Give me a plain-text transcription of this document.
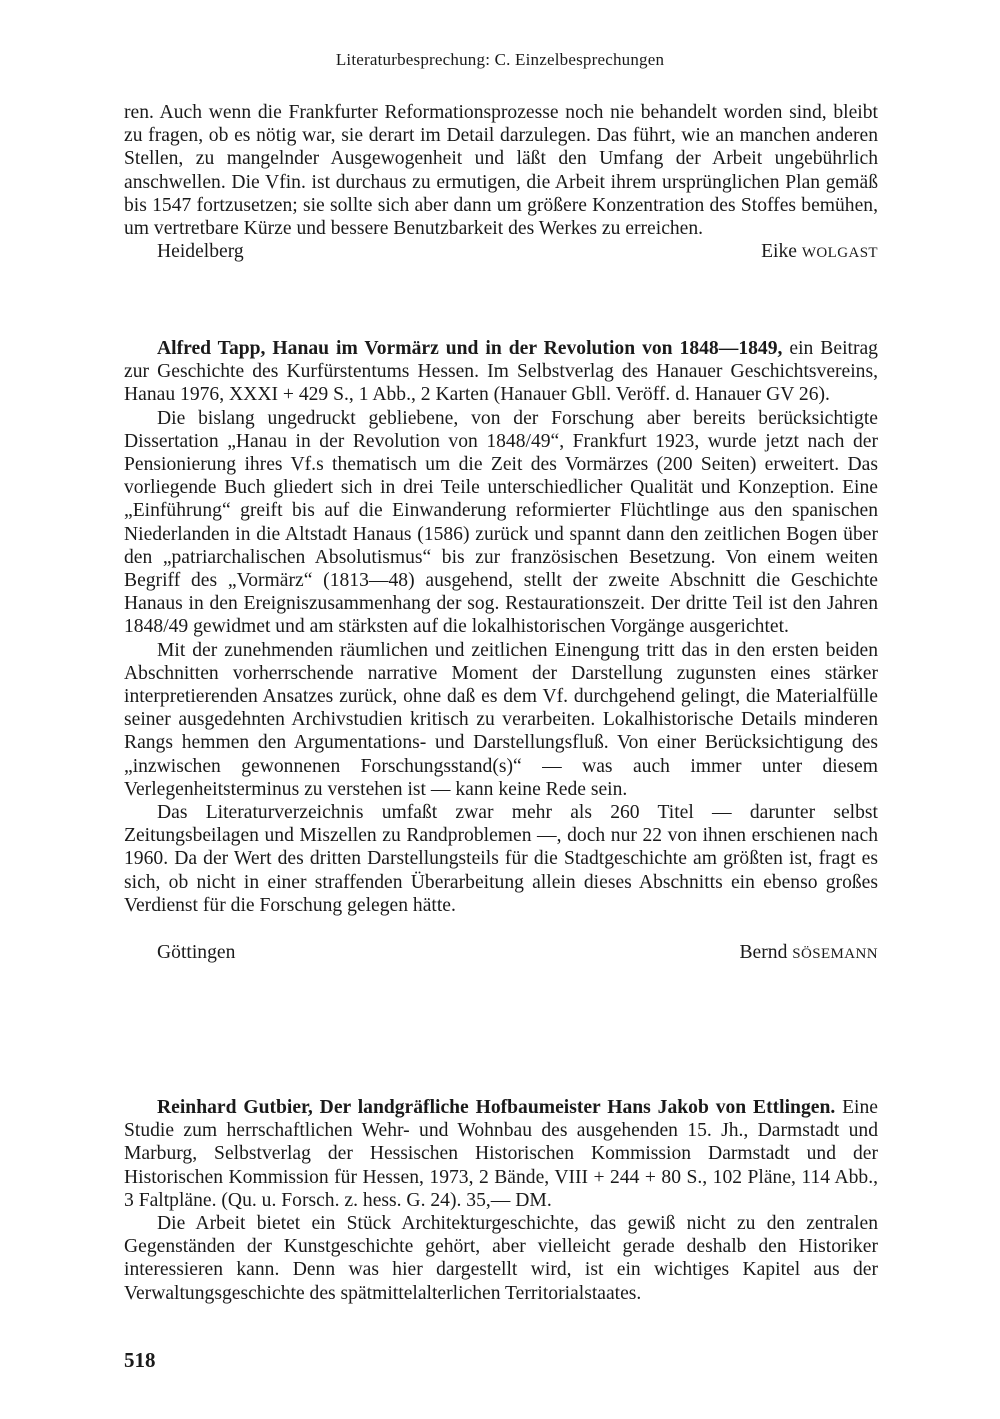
Literaturbesprechung: C. Einzelbesprechungen

ren. Auch wenn die Frankfurter Reformationsprozesse noch nie behandelt worden sind, bleibt zu fragen, ob es nötig war, sie derart im Detail darzulegen. Das führt, wie an manchen anderen Stellen, zu mangelnder Ausgewogenheit und läßt den Umfang der Arbeit ungebührlich anschwellen. Die Vfin. ist durchaus zu ermutigen, die Arbeit ihrem ursprünglichen Plan gemäß bis 1547 fortzusetzen; sie sollte sich aber dann um größere Konzentration des Stoffes bemühen, um vertretbare Kürze und bessere Benutzbarkeit des Werkes zu erreichen.

Heidelberg	Eike WOLGAST

Alfred Tapp, Hanau im Vormärz und in der Revolution von 1848—1849, ein Beitrag zur Geschichte des Kurfürstentums Hessen. Im Selbstverlag des Hanauer Geschichtsvereins, Hanau 1976, XXXI + 429 S., 1 Abb., 2 Karten (Hanauer Gbll. Veröff. d. Hanauer GV 26).

Die bislang ungedruckt gebliebene, von der Forschung aber bereits berücksichtigte Dissertation „Hanau in der Revolution von 1848/49“, Frankfurt 1923, wurde jetzt nach der Pensionierung ihres Vf.s thematisch um die Zeit des Vormärzes (200 Seiten) erweitert. Das vorliegende Buch gliedert sich in drei Teile unterschiedlicher Qualität und Konzeption. Eine „Einführung“ greift bis auf die Einwanderung reformierter Flüchtlinge aus den spanischen Niederlanden in die Altstadt Hanaus (1586) zurück und spannt dann den zeitlichen Bogen über den „patriarchalischen Absolutismus“ bis zur französischen Besetzung. Von einem weiten Begriff des „Vormärz“ (1813—48) ausgehend, stellt der zweite Abschnitt die Geschichte Hanaus in den Ereigniszusammenhang der sog. Restaurationszeit. Der dritte Teil ist den Jahren 1848/49 gewidmet und am stärksten auf die lokalhistorischen Vorgänge ausgerichtet.

Mit der zunehmenden räumlichen und zeitlichen Einengung tritt das in den ersten beiden Abschnitten vorherrschende narrative Moment der Darstellung zugunsten eines stärker interpretierenden Ansatzes zurück, ohne daß es dem Vf. durchgehend gelingt, die Materialfülle seiner ausgedehnten Archivstudien kritisch zu verarbeiten. Lokalhistorische Details minderen Rangs hemmen den Argumentations- und Darstellungsfluß. Von einer Berücksichtigung des „inzwischen gewonnenen Forschungsstand(s)“ — was auch immer unter diesem Verlegenheitsterminus zu verstehen ist — kann keine Rede sein.

Das Literaturverzeichnis umfaßt zwar mehr als 260 Titel — darunter selbst Zeitungsbeilagen und Miszellen zu Randproblemen —, doch nur 22 von ihnen erschienen nach 1960. Da der Wert des dritten Darstellungsteils für die Stadtgeschichte am größten ist, fragt es sich, ob nicht in einer straffenden Überarbeitung allein dieses Abschnitts ein ebenso großes Verdienst für die Forschung gelegen hätte.

Göttingen	Bernd SÖSEMANN

Reinhard Gutbier, Der landgräfliche Hofbaumeister Hans Jakob von Ettlingen. Eine Studie zum herrschaftlichen Wehr- und Wohnbau des ausgehenden 15. Jh., Darmstadt und Marburg, Selbstverlag der Hessischen Historischen Kommission Darmstadt und der Historischen Kommission für Hessen, 1973, 2 Bände, VIII + 244 + 80 S., 102 Pläne, 114 Abb., 3 Faltpläne. (Qu. u. Forsch. z. hess. G. 24). 35,— DM.

Die Arbeit bietet ein Stück Architekturgeschichte, das gewiß nicht zu den zentralen Gegenständen der Kunstgeschichte gehört, aber vielleicht gerade deshalb den Historiker interessieren kann. Denn was hier dargestellt wird, ist ein wichtiges Kapitel aus der Verwaltungsgeschichte des spätmittelalterlichen Territorialstaates.

518
